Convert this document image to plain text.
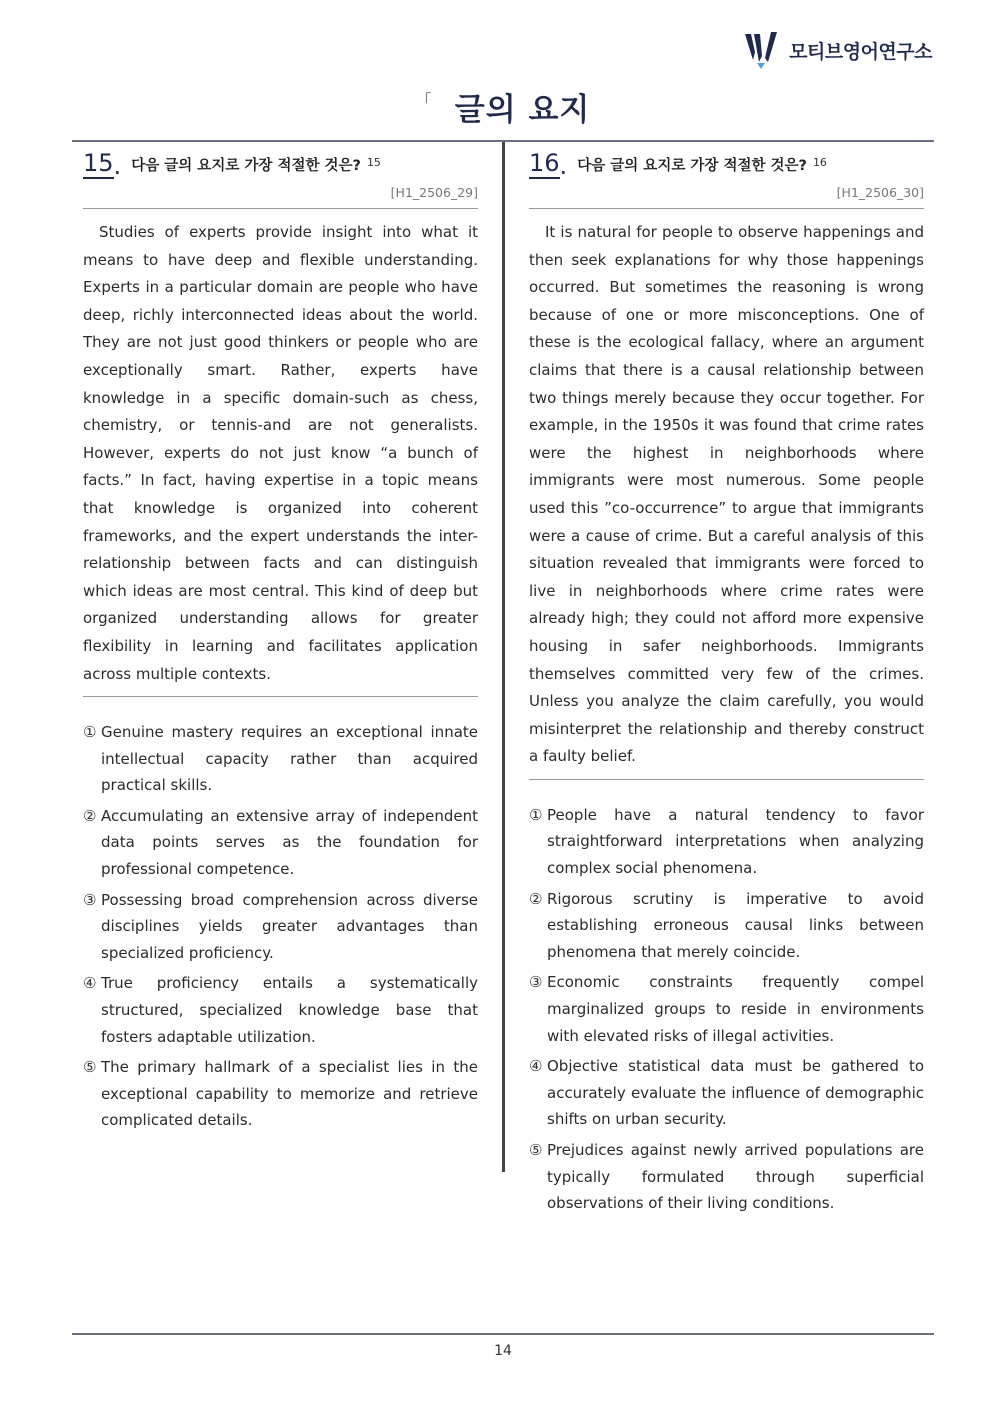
모티브영어연구소
「 글의 요지
15 . 다음 글의 요지로 가장 적절한 것은? 15
[H1_2506_29]

Studies of experts provide insight into what it means to have deep and flexible understanding. Experts in a particular domain are people who have deep, richly interconnected ideas about the world. They are not just good thinkers or people who are exceptionally smart. Rather, experts have knowledge in a specific domain-such as chess, chemistry, or tennis-and are not generalists. However, experts do not just know “a bunch of facts.” In fact, having expertise in a topic means that knowledge is organized into coherent frameworks, and the expert understands the inter-relationship between facts and can distinguish which ideas are most central. This kind of deep but organized understanding allows for greater flexibility in learning and facilitates application across multiple contexts.

① Genuine mastery requires an exceptional innate intellectual capacity rather than acquired practical skills.
② Accumulating an extensive array of independent data points serves as the foundation for professional competence.
③ Possessing broad comprehension across diverse disciplines yields greater advantages than specialized proficiency.
④ True proficiency entails a systematically structured, specialized knowledge base that fosters adaptable utilization.
⑤ The primary hallmark of a specialist lies in the exceptional capability to memorize and retrieve complicated details.
16 . 다음 글의 요지로 가장 적절한 것은? 16
[H1_2506_30]

It is natural for people to observe happenings and then seek explanations for why those happenings occurred. But sometimes the reasoning is wrong because of one or more misconceptions. One of these is the ecological fallacy, where an argument claims that there is a causal relationship between two things merely because they occur together. For example, in the 1950s it was found that crime rates were the highest in neighborhoods where immigrants were most numerous. Some people used this ”co-occurrence” to argue that immigrants were a cause of crime. But a careful analysis of this situation revealed that immigrants were forced to live in neighborhoods where crime rates were already high; they could not afford more expensive housing in safer neighborhoods. Immigrants themselves committed very few of the crimes. Unless you analyze the claim carefully, you would misinterpret the relationship and thereby construct a faulty belief.

① People have a natural tendency to favor straightforward interpretations when analyzing complex social phenomena.
② Rigorous scrutiny is imperative to avoid establishing erroneous causal links between phenomena that merely coincide.
③ Economic constraints frequently compel marginalized groups to reside in environments with elevated risks of illegal activities.
④ Objective statistical data must be gathered to accurately evaluate the influence of demographic shifts on urban security.
⑤ Prejudices against newly arrived populations are typically formulated through superficial observations of their living conditions.
14
